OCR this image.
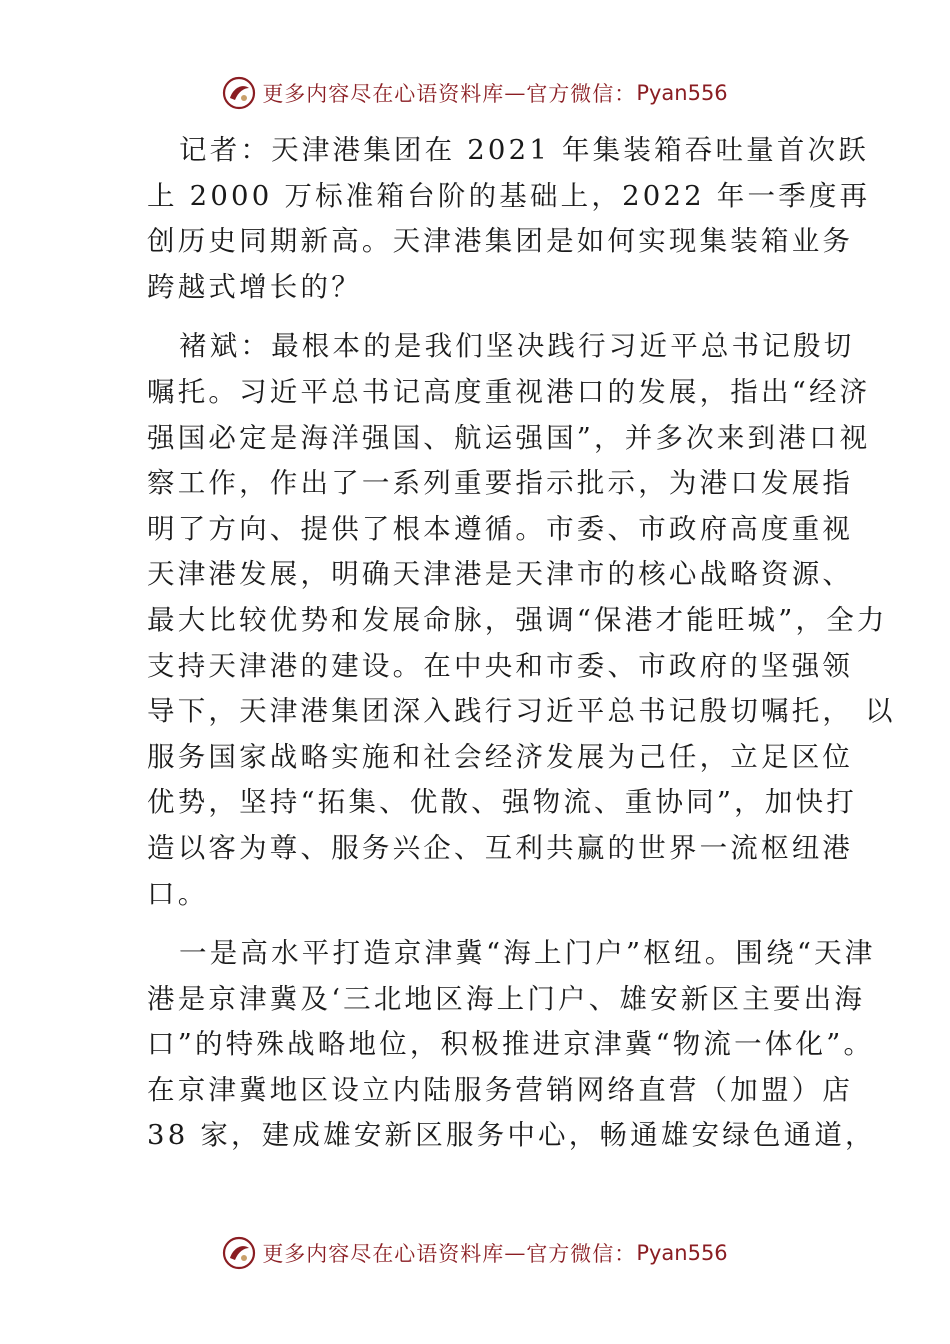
更多内容尽在心语资料库 — 官方微信： Pyan556

记者：天津港集团在 2021 年集装箱吞吐量首次跃
上 2000 万标准箱台阶的基础上，2022 年一季度再
创历史同期新高。天津港集团是如何实现集装箱业务
跨越式增长的？

褚斌：最根本的是我们坚决践行习近平总书记殷切
嘱托。习近平总书记高度重视港口的发展，指出“经济
强国必定是海洋强国、航运强国”，并多次来到港口视
察工作，作出了一系列重要指示批示，为港口发展指
明了方向、提供了根本遵循。市委、市政府高度重视
天津港发展，明确天津港是天津市的核心战略资源、
最大比较优势和发展命脉，强调“保港才能旺城”，全力
支持天津港的建设。在中央和市委、市政府的坚强领
导下，天津港集团深入践行习近平总书记殷切嘱托， 以
服务国家战略实施和社会经济发展为己任，立足区位
优势，坚持“拓集、优散、强物流、重协同”，加快打
造以客为尊、服务兴企、互利共赢的世界一流枢纽港
口。

一是高水平打造京津冀“海上门户”枢纽。围绕“天津
港是京津冀及‘三北地区海上门户、雄安新区主要出海
口”的特殊战略地位，积极推进京津冀“物流一体化”。
在京津冀地区设立内陆服务营销网络直营（加盟）店
38 家，建成雄安新区服务中心，畅通雄安绿色通道，

更多内容尽在心语资料库 — 官方微信： Pyan556
